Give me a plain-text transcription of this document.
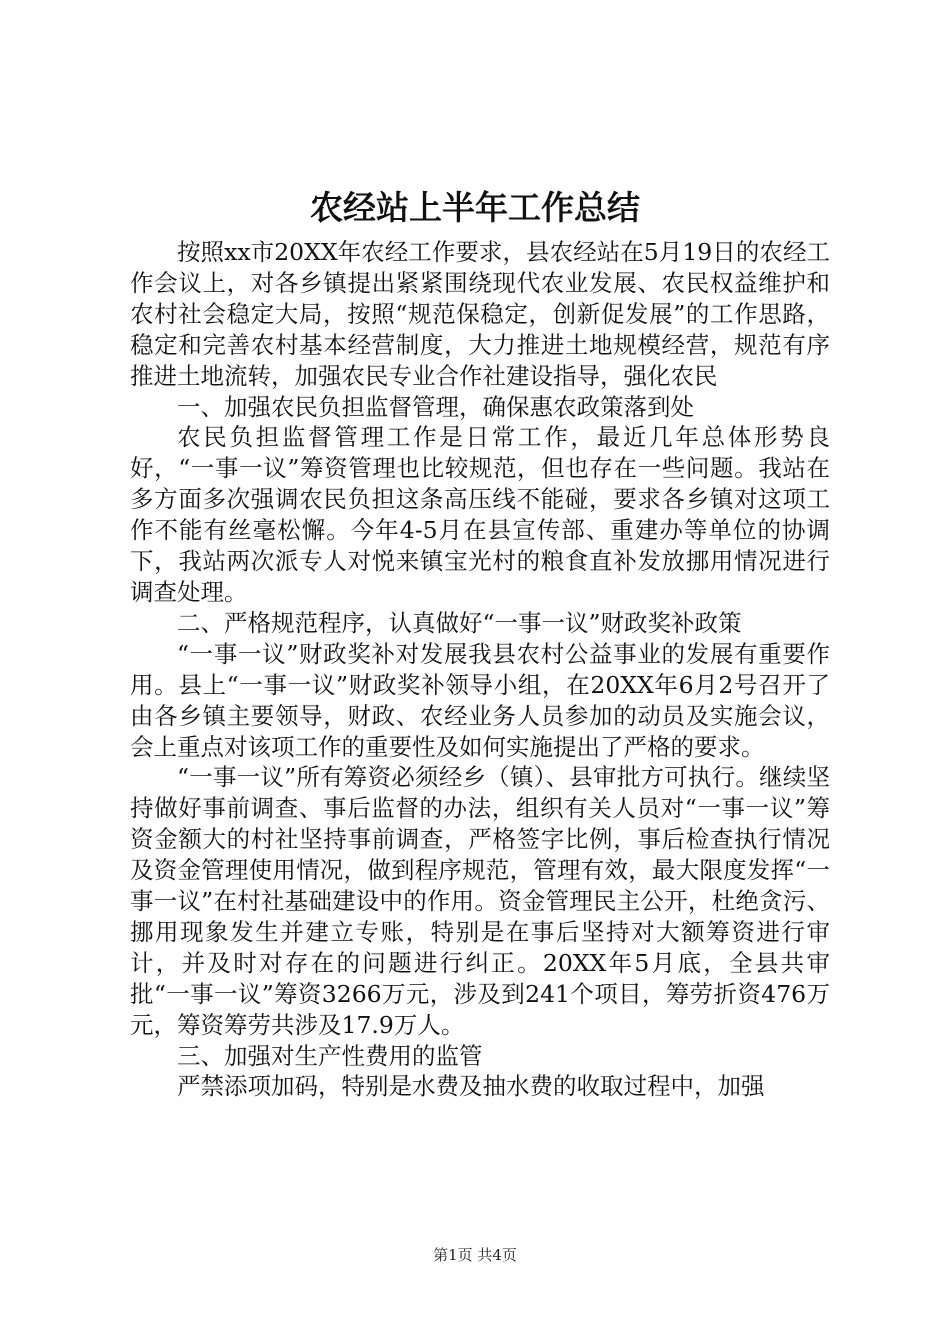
农经站上半年工作总结

按照xx市20XX年农经工作要求，县农经站在5月19日的农经工作会议上，对各乡镇提出紧紧围绕现代农业发展、农民权益维护和农村社会稳定大局，按照“规范保稳定，创新促发展”的工作思路，稳定和完善农村基本经营制度，大力推进土地规模经营，规范有序推进土地流转，加强农民专业合作社建设指导，强化农民

一、加强农民负担监督管理，确保惠农政策落到处

农民负担监督管理工作是日常工作，最近几年总体形势良好，“一事一议”筹资管理也比较规范，但也存在一些问题。我站在多方面多次强调农民负担这条高压线不能碰，要求各乡镇对这项工作不能有丝毫松懈。今年4-5月在县宣传部、重建办等单位的协调下，我站两次派专人对悦来镇宝光村的粮食直补发放挪用情况进行调查处理。

二、严格规范程序，认真做好“一事一议”财政奖补政策

“一事一议”财政奖补对发展我县农村公益事业的发展有重要作用。县上“一事一议”财政奖补领导小组，在20XX年6月2号召开了由各乡镇主要领导，财政、农经业务人员参加的动员及实施会议，会上重点对该项工作的重要性及如何实施提出了严格的要求。

“一事一议”所有筹资必须经乡（镇）、县审批方可执行。继续坚持做好事前调查、事后监督的办法，组织有关人员对“一事一议”筹资金额大的村社坚持事前调查，严格签字比例，事后检查执行情况及资金管理使用情况，做到程序规范，管理有效，最大限度发挥“一事一议”在村社基础建设中的作用。资金管理民主公开，杜绝贪污、挪用现象发生并建立专账，特别是在事后坚持对大额筹资进行审计，并及时对存在的问题进行纠正。20XX年5月底，全县共审批“一事一议”筹资3266万元，涉及到241个项目，筹劳折资476万元，筹资筹劳共涉及17.9万人。

三、加强对生产性费用的监管

严禁添项加码，特别是水费及抽水费的收取过程中，加强

第1页 共4页
